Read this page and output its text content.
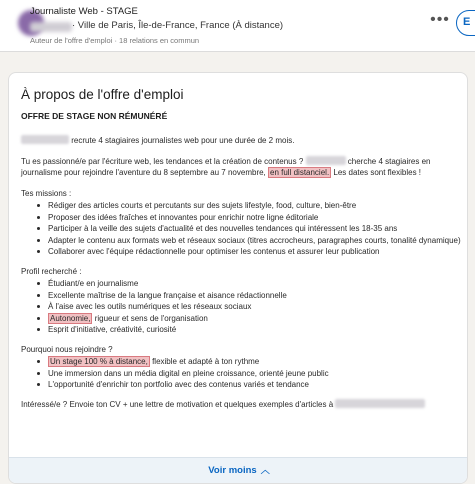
Journaliste Web - STAGE
· Ville de Paris, Île-de-France, France (À distance)
Auteur de l'offre d'emploi · 18 relations en commun
•••	E
À propos de l'offre d'emploi
OFFRE DE STAGE NON RÉMUNÉRÉ

recrute 4 stagiaires journalistes web pour une durée de 2 mois.

Tu es passionné/e par l'écriture web, les tendances et la création de contenus ?	cherche 4 stagiaires en journalisme pour rejoindre l'aventure du 8 septembre au 7 novembre, en full distanciel. Les dates sont flexibles !

Tes missions :
Rédiger des articles courts et percutants sur des sujets lifestyle, food, culture, bien-être
Proposer des idées fraîches et innovantes pour enrichir notre ligne éditoriale
Participer à la veille des sujets d'actualité et des nouvelles tendances qui intéressent les 18-35 ans
Adapter le contenu aux formats web et réseaux sociaux (titres accrocheurs, paragraphes courts, tonalité dynamique)
Collaborer avec l'équipe rédactionnelle pour optimiser les contenus et assurer leur publication
Profil recherché :
Étudiant/e en journalisme
Excellente maîtrise de la langue française et aisance rédactionnelle
À l'aise avec les outils numériques et les réseaux sociaux
Autonomie, rigueur et sens de l'organisation
Esprit d'initiative, créativité, curiosité
Pourquoi nous rejoindre ?
Un stage 100 % à distance, flexible et adapté à ton rythme
Une immersion dans un média digital en pleine croissance, orienté jeune public
L'opportunité d'enrichir ton portfolio avec des contenus variés et tendance

Intéressé/e ? Envoie ton CV + une lettre de motivation et quelques exemples d'articles à

Voir moins ︿
